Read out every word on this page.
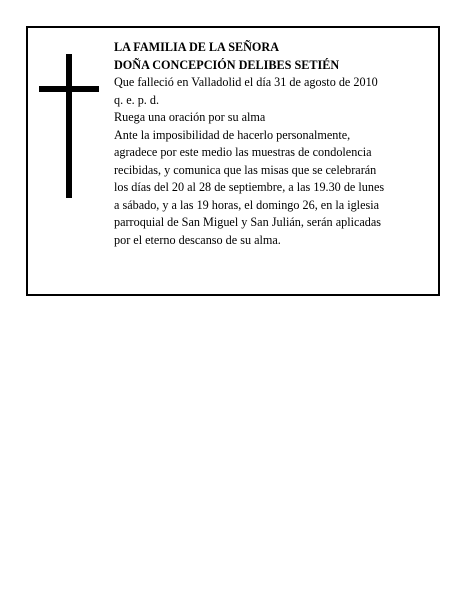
LA FAMILIA DE LA SEÑORA
DOÑA CONCEPCIÓN DELIBES SETIÉN
Que falleció en Valladolid el día 31 de agosto de 2010
q. e. p. d.
Ruega una oración por su alma
Ante la imposibilidad de hacerlo personalmente,
agradece por este medio las muestras de condolencia
recibidas, y comunica que las misas que se celebrarán
los días del 20 al 28 de septiembre, a las 19.30 de lunes
a sábado, y a las 19 horas, el domingo 26, en la iglesia
parroquial de San Miguel y San Julián, serán aplicadas
por el eterno descanso de su alma.
